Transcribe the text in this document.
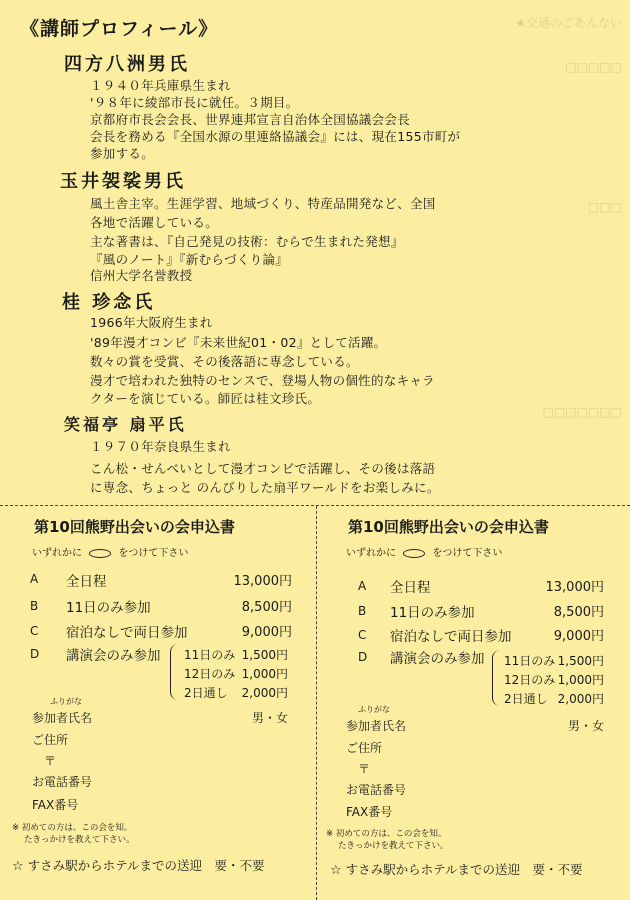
《講師プロフィール》	★交通のごあんない
□□□□□
□□□
□□□□□□□
四方八洲男氏
１９４０年兵庫県生まれ
'９８年に綾部市長に就任。３期目。
京都府市長会会長、世界連邦宣言自治体全国協議会会長
会長を務める『全国水源の里連絡協議会』には、現在155市町が
参加する。
玉井袈裟男氏
風土舎主宰。生涯学習、地域づくり、特産品開発など、全国
各地で活躍している。
主な著書は、『自己発見の技術：むらで生まれた発想』
『風のノート』『新むらづくり論』
信州大学名誉教授
桂 珍念氏
1966年大阪府生まれ
'89年漫才コンビ『未来世紀01・02』として活躍。
数々の賞を受賞、その後落語に専念している。
漫才で培われた独特のセンスで、登場人物の個性的なキャラ
クターを演じている。師匠は桂文珍氏。
笑福亭 扇平氏
１９７０年奈良県生まれ
こん松・せんべいとして漫才コンビで活躍し、その後は落語
に専念、ちょっと のんびりした扇平ワールドをお楽しみに。
第10回熊野出会いの会申込書
いずれかに	をつけて下さい
A 全日程	13,000円
B 11日のみ参加	8,500円
C 宿泊なしで両日参加	9,000円
D 講演会のみ参加 11日のみ 1,500円
12日のみ 1,000円
2日通し	2,000円
ふりがな
参加者氏名	男・女
ご住所
〒
お電話番号
FAX番号
※ 初めての方は、この会を知。
たきっかけを教えて下さい。
☆ すさみ駅からホテルまでの送迎　要・不要
第10回熊野出会いの会申込書
いずれかに	をつけて下さい
A 全日程	13,000円
B 11日のみ参加	8,500円
C 宿泊なしで両日参加	9,000円
D 講演会のみ参加 11日のみ 1,500円
12日のみ 1,000円
2日通し 2,000円
ふりがな
参加者氏名	男・女
ご住所
〒
お電話番号
FAX番号
※ 初めての方は、この会を知。
たきっかけを教えて下さい。
☆ すさみ駅からホテルまでの送迎　要・不要
